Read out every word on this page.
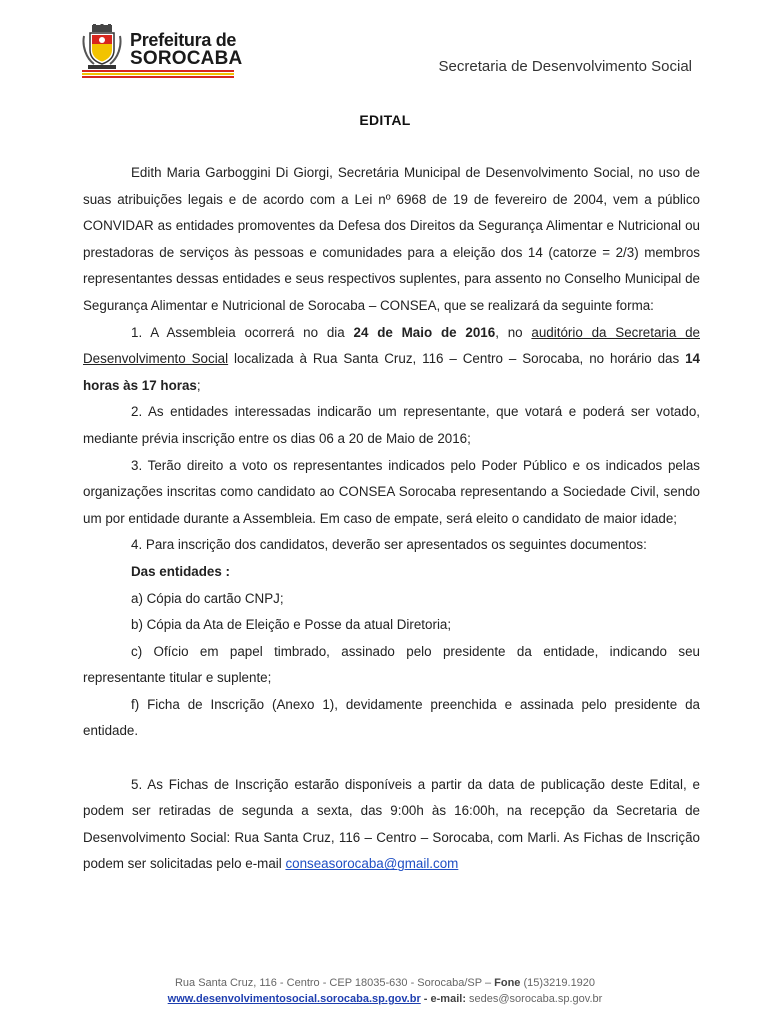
Prefeitura de
SOROCABA	Secretaria de Desenvolvimento Social
EDITAL

Edith Maria Garboggini Di Giorgi, Secretária Municipal de Desenvolvimento Social, no uso de suas atribuições legais e de acordo com a Lei nº 6968 de 19 de fevereiro de 2004, vem a público CONVIDAR as entidades promoventes da Defesa dos Direitos da Segurança Alimentar e Nutricional ou prestadoras de serviços às pessoas e comunidades para a eleição dos 14 (catorze = 2/3) membros representantes dessas entidades e seus respectivos suplentes, para assento no Conselho Municipal de Segurança Alimentar e Nutricional de Sorocaba – CONSEA, que se realizará da seguinte forma:

1. A Assembleia ocorrerá no dia 24 de Maio de 2016, no auditório da Secretaria de Desenvolvimento Social localizada à Rua Santa Cruz, 116 – Centro – Sorocaba, no horário das 14 horas às 17 horas;

2. As entidades interessadas indicarão um representante, que votará e poderá ser votado, mediante prévia inscrição entre os dias 06 a 20 de Maio de 2016;

3. Terão direito a voto os representantes indicados pelo Poder Público e os indicados pelas organizações inscritas como candidato ao CONSEA Sorocaba representando a Sociedade Civil, sendo um por entidade durante a Assembleia. Em caso de empate, será eleito o candidato de maior idade;

4. Para inscrição dos candidatos, deverão ser apresentados os seguintes documentos:

Das entidades :

a) Cópia do cartão CNPJ;

b) Cópia da Ata de Eleição e Posse da atual Diretoria;

c) Ofício em papel timbrado, assinado pelo presidente da entidade, indicando seu representante titular e suplente;

f) Ficha de Inscrição (Anexo 1), devidamente preenchida e assinada pelo presidente da entidade.

5. As Fichas de Inscrição estarão disponíveis a partir da data de publicação deste Edital, e podem ser retiradas de segunda a sexta, das 9:00h às 16:00h, na recepção da Secretaria de Desenvolvimento Social: Rua Santa Cruz, 116 – Centro – Sorocaba, com Marli. As Fichas de Inscrição podem ser solicitadas pelo e-mail conseasorocaba@gmail.com

Rua Santa Cruz, 116 - Centro - CEP 18035-630 - Sorocaba/SP – Fone (15)3219.1920
www.desenvolvimentosocial.sorocaba.sp.gov.br - e-mail: sedes@sorocaba.sp.gov.br
